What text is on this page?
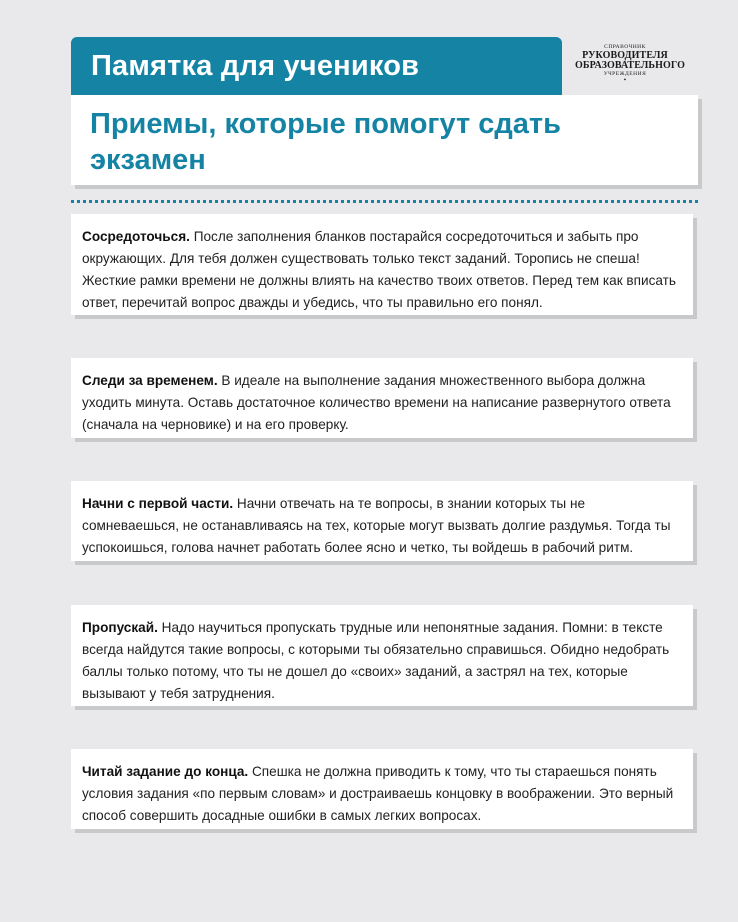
Памятка для учеников
СПРАВОЧНИК
РУКОВОДИТЕЛЯ
ОБРАЗОВАТЕЛЬНОГО
УЧРЕЖДЕНИЯ
•
Приемы, которые помогут сдать экзамен

Сосредоточься. После заполнения бланков постарайся сосредоточиться и забыть про окружающих. Для тебя должен существовать только текст заданий. Торопись не спеша! Жесткие рамки времени не должны влиять на качество твоих ответов. Перед тем как вписать ответ, перечитай вопрос дважды и убедись, что ты правильно его понял.

Следи за временем. В идеале на выполнение задания множественного выбора должна уходить минута. Оставь достаточное количество времени на написание развернутого ответа (сначала на черновике) и на его проверку.

Начни с первой части. Начни отвечать на те вопросы, в знании которых ты не сомневаешься, не останавливаясь на тех, которые могут вызвать долгие раздумья. Тогда ты успокоишься, голова начнет работать более ясно и четко, ты войдешь в рабочий ритм.

Пропускай. Надо научиться пропускать трудные или непонятные задания. Помни: в тексте всегда найдутся такие вопросы, с которыми ты обязательно справишься. Обидно недобрать баллы только потому, что ты не дошел до «своих» заданий, а застрял на тех, которые вызывают у тебя затруднения.

Читай задание до конца. Спешка не должна приводить к тому, что ты стараешься понять условия задания «по первым словам» и достраиваешь концовку в воображении. Это верный способ совершить досадные ошибки в самых легких вопросах.
